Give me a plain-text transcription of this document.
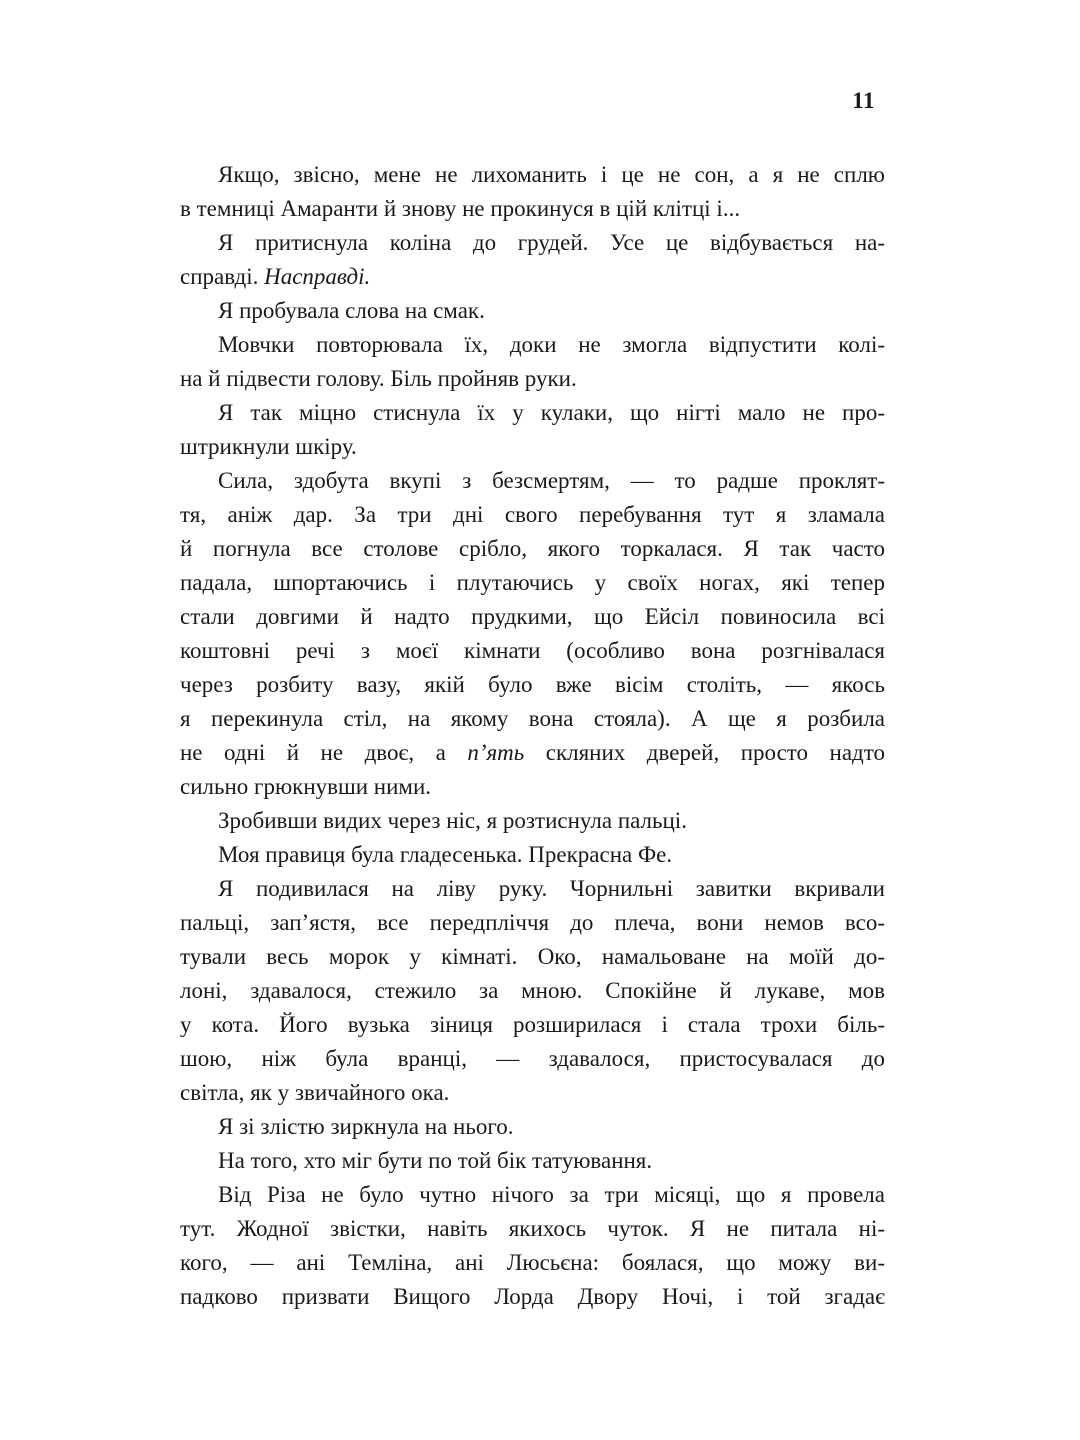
11
Якщо, звісно, мене не лихоманить і це не сон, а я не сплю
в темниці Амаранти й знову не прокинуся в цій клітці і...
Я притиснула коліна до грудей. Усе це відбувається на-
справді. Насправді.
Я пробувала слова на смак.
Мовчки повторювала їх, доки не змогла відпустити колі-
на й підвести голову. Біль пройняв руки.
Я так міцно стиснула їх у кулаки, що нігті мало не про-
штрикнули шкіру.
Сила, здобута вкупі з безсмертям, — то радше проклят-
тя, аніж дар. За три дні свого перебування тут я зламала
й погнула все столове срібло, якого торкалася. Я так часто
падала, шпортаючись і плутаючись у своїх ногах, які тепер
стали довгими й надто прудкими, що Ейсіл повиносила всі
коштовні речі з моєї кімнати (особливо вона розгнівалася
через розбиту вазу, якій було вже вісім століть, — якось
я перекинула стіл, на якому вона стояла). А ще я розбила
не одні й не двоє, а п’ять скляних дверей, просто надто
сильно грюкнувши ними.
Зробивши видих через ніс, я розтиснула пальці.
Моя правиця була гладесенька. Прекрасна Фе.
Я подивилася на ліву руку. Чорнильні завитки вкривали
пальці, зап’ястя, все передпліччя до плеча, вони немов всо-
тували весь морок у кімнаті. Око, намальоване на моїй до-
лоні, здавалося, стежило за мною. Спокійне й лукаве, мов
у кота. Його вузька зіниця розширилася і стала трохи біль-
шою, ніж була вранці, — здавалося, пристосувалася до
світла, як у звичайного ока.
Я зі злістю зиркнула на нього.
На того, хто міг бути по той бік татуювання.
Від Різа не було чутно нічого за три місяці, що я провела
тут. Жодної звістки, навіть якихось чуток. Я не питала ні-
кого, — ані Темліна, ані Люсьєна: боялася, що можу ви-
падково призвати Вищого Лорда Двору Ночі, і той згадає
